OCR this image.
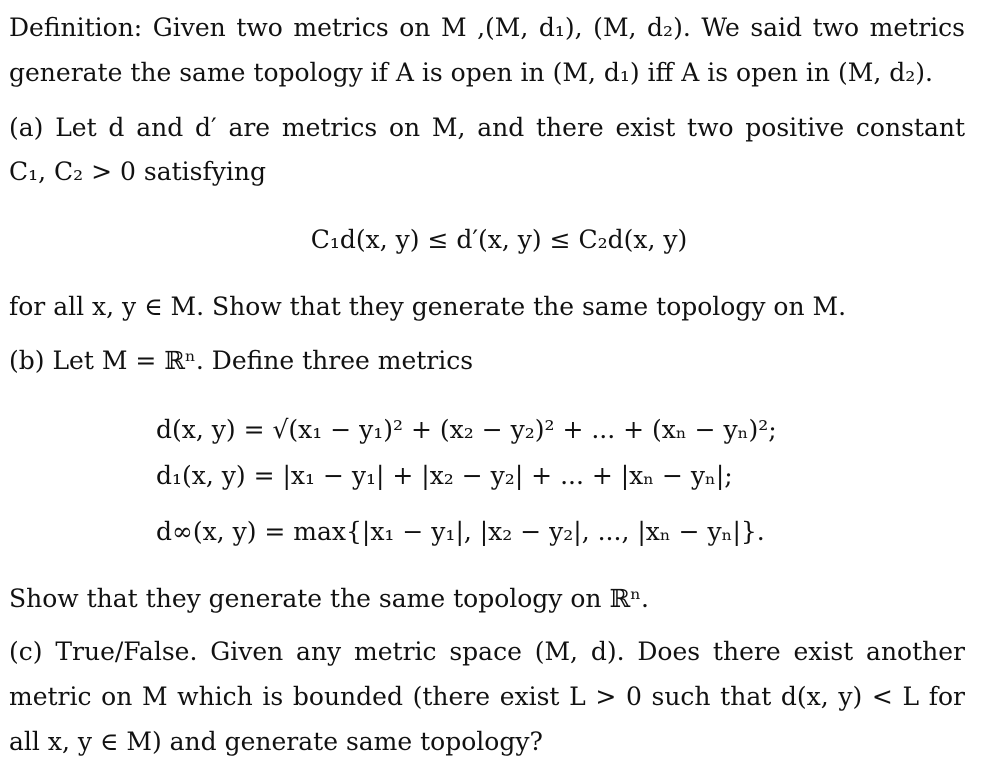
Definition: Given two metrics on M ,(M, d₁), (M, d₂). We said two metrics
generate the same topology if A is open in (M, d₁) iff A is open in (M, d₂).
(a) Let d and d′ are metrics on M, and there exist two positive constant
C₁, C₂ > 0 satisfying
C₁d(x, y) ≤ d′(x, y) ≤ C₂d(x, y)
for all x, y ∈ M. Show that they generate the same topology on M.
(b) Let M = ℝⁿ. Define three metrics
d(x, y) = √(x₁ − y₁)² + (x₂ − y₂)² + ... + (xₙ − yₙ)²;
d₁(x, y) = |x₁ − y₁| + |x₂ − y₂| + ... + |xₙ − yₙ|;
d∞(x, y) = max{|x₁ − y₁|, |x₂ − y₂|, ..., |xₙ − yₙ|}.
Show that they generate the same topology on ℝⁿ.
(c) True/False. Given any metric space (M, d). Does there exist another
metric on M which is bounded (there exist L > 0 such that d(x, y) < L for
all x, y ∈ M) and generate same topology?
